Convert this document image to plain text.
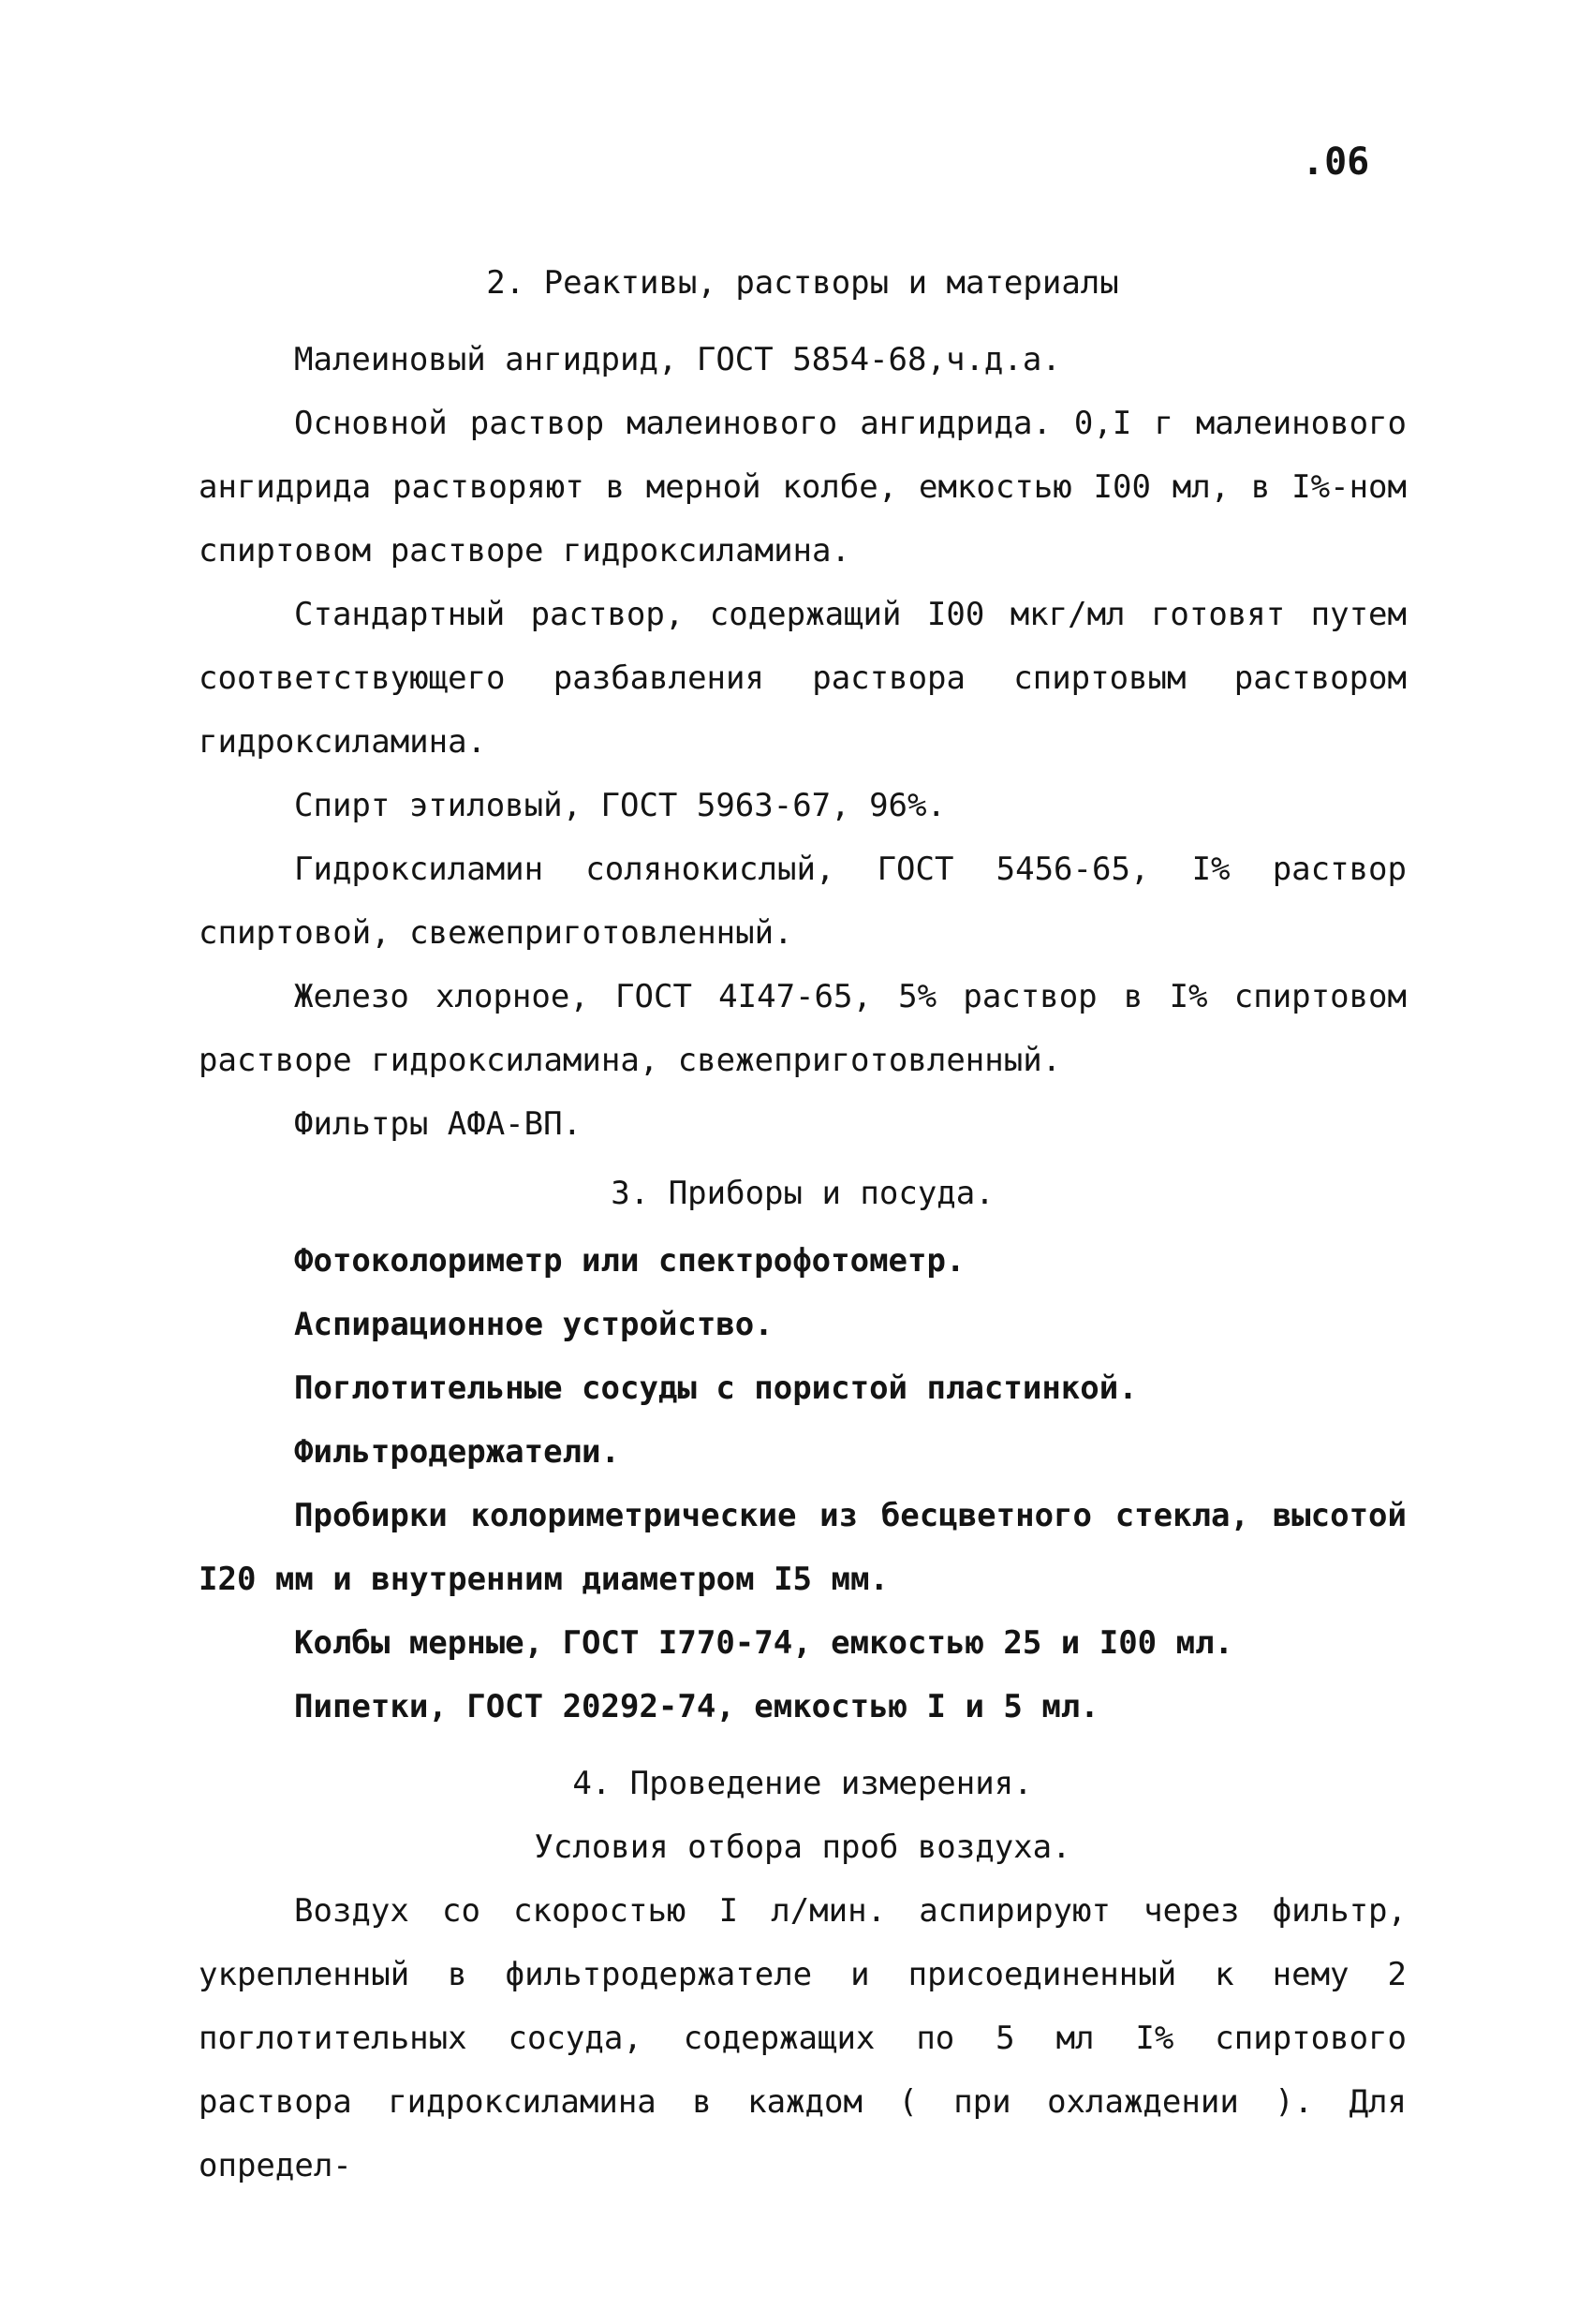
.06

2. Реактивы, растворы и материалы

Малеиновый ангидрид, ГОСТ 5854-68,ч.д.а.

Основной раствор малеинового ангидрида. 0,I г малеинового ангидрида растворяют в мерной колбе, емкостью I00 мл, в I%-ном спиртовом растворе гидроксиламина.

Стандартный раствор, содержащий I00 мкг/мл готовят путем соответствующего разбавления раствора спиртовым раствором гидроксиламина.

Спирт этиловый, ГОСТ 5963-67, 96%.

Гидроксиламин солянокислый, ГОСТ 5456-65, I% раствор спиртовой, свежеприготовленный.

Железо хлорное, ГОСТ 4I47-65, 5% раствор в I% спиртовом растворе гидроксиламина, свежеприготовленный.

Фильтры АФА-ВП.

3. Приборы и посуда.

Фотоколориметр или спектрофотометр.

Аспирационное устройство.

Поглотительные сосуды с пористой пластинкой.

Фильтродержатели.

Пробирки колориметрические из бесцветного стекла, высотой I20 мм и внутренним диаметром I5 мм.

Колбы мерные, ГОСТ I770-74, емкостью 25 и I00 мл.

Пипетки, ГОСТ 20292-74, емкостью I и 5 мл.

4. Проведение измерения.

Условия отбора проб воздуха.

Воздух со скоростью I л/мин. аспирируют через фильтр, укрепленный в фильтродержателе и присоединенный к нему 2 поглотительных сосуда, содержащих по 5 мл I% спиртового раствора гидроксиламина в каждом ( при охлаждении ). Для определ-
